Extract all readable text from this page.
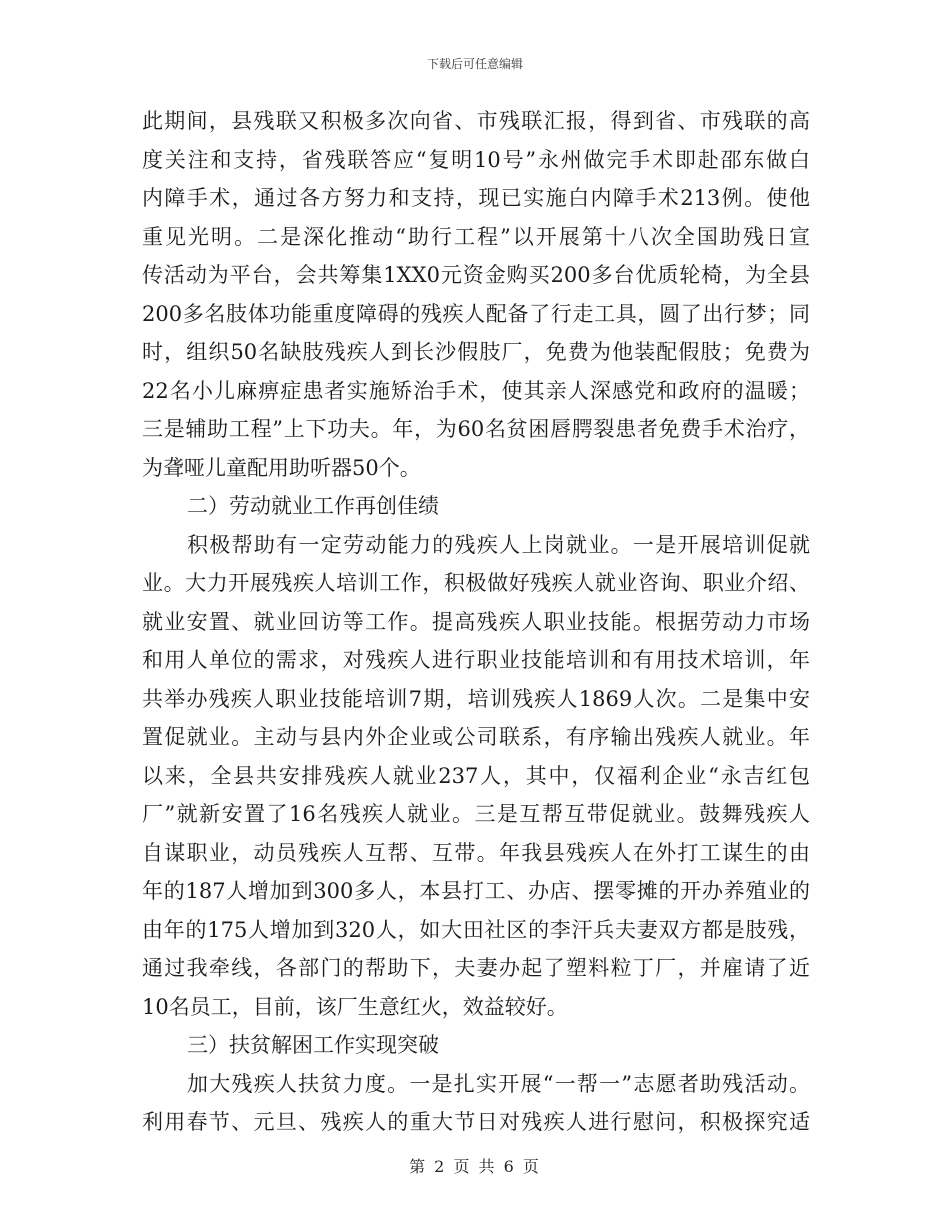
下载后可任意编辑
此期间，县残联又积极多次向省、市残联汇报，得到省、市残联的高
度关注和支持，省残联答应“复明10号”永州做完手术即赴邵东做白
内障手术，通过各方努力和支持，现已实施白内障手术213例。使他
重见光明。二是深化推动“助行工程”以开展第十八次全国助残日宣
传活动为平台，会共筹集1XX0元资金购买200多台优质轮椅，为全县
200多名肢体功能重度障碍的残疾人配备了行走工具，圆了出行梦；同
时，组织50名缺肢残疾人到长沙假肢厂，免费为他装配假肢；免费为
22名小儿麻痹症患者实施矫治手术，使其亲人深感党和政府的温暖；
三是辅助工程”上下功夫。年，为60名贫困唇腭裂患者免费手术治疗，
为聋哑儿童配用助听器50个。
二）劳动就业工作再创佳绩
积极帮助有一定劳动能力的残疾人上岗就业。一是开展培训促就
业。大力开展残疾人培训工作，积极做好残疾人就业咨询、职业介绍、
就业安置、就业回访等工作。提高残疾人职业技能。根据劳动力市场
和用人单位的需求，对残疾人进行职业技能培训和有用技术培训，年
共举办残疾人职业技能培训7期，培训残疾人1869人次。二是集中安
置促就业。主动与县内外企业或公司联系，有序输出残疾人就业。年
以来，全县共安排残疾人就业237人，其中，仅福利企业“永吉红包
厂”就新安置了16名残疾人就业。三是互帮互带促就业。鼓舞残疾人
自谋职业，动员残疾人互帮、互带。年我县残疾人在外打工谋生的由
年的187人增加到300多人，本县打工、办店、摆零摊的开办养殖业的
由年的175人增加到320人，如大田社区的李汗兵夫妻双方都是肢残，
通过我牵线，各部门的帮助下，夫妻办起了塑料粒丁厂，并雇请了近
10名员工，目前，该厂生意红火，效益较好。
三）扶贫解困工作实现突破
加大残疾人扶贫力度。一是扎实开展“一帮一”志愿者助残活动。
利用春节、元旦、残疾人的重大节日对残疾人进行慰问，积极探究适
第 2 页 共 6 页
